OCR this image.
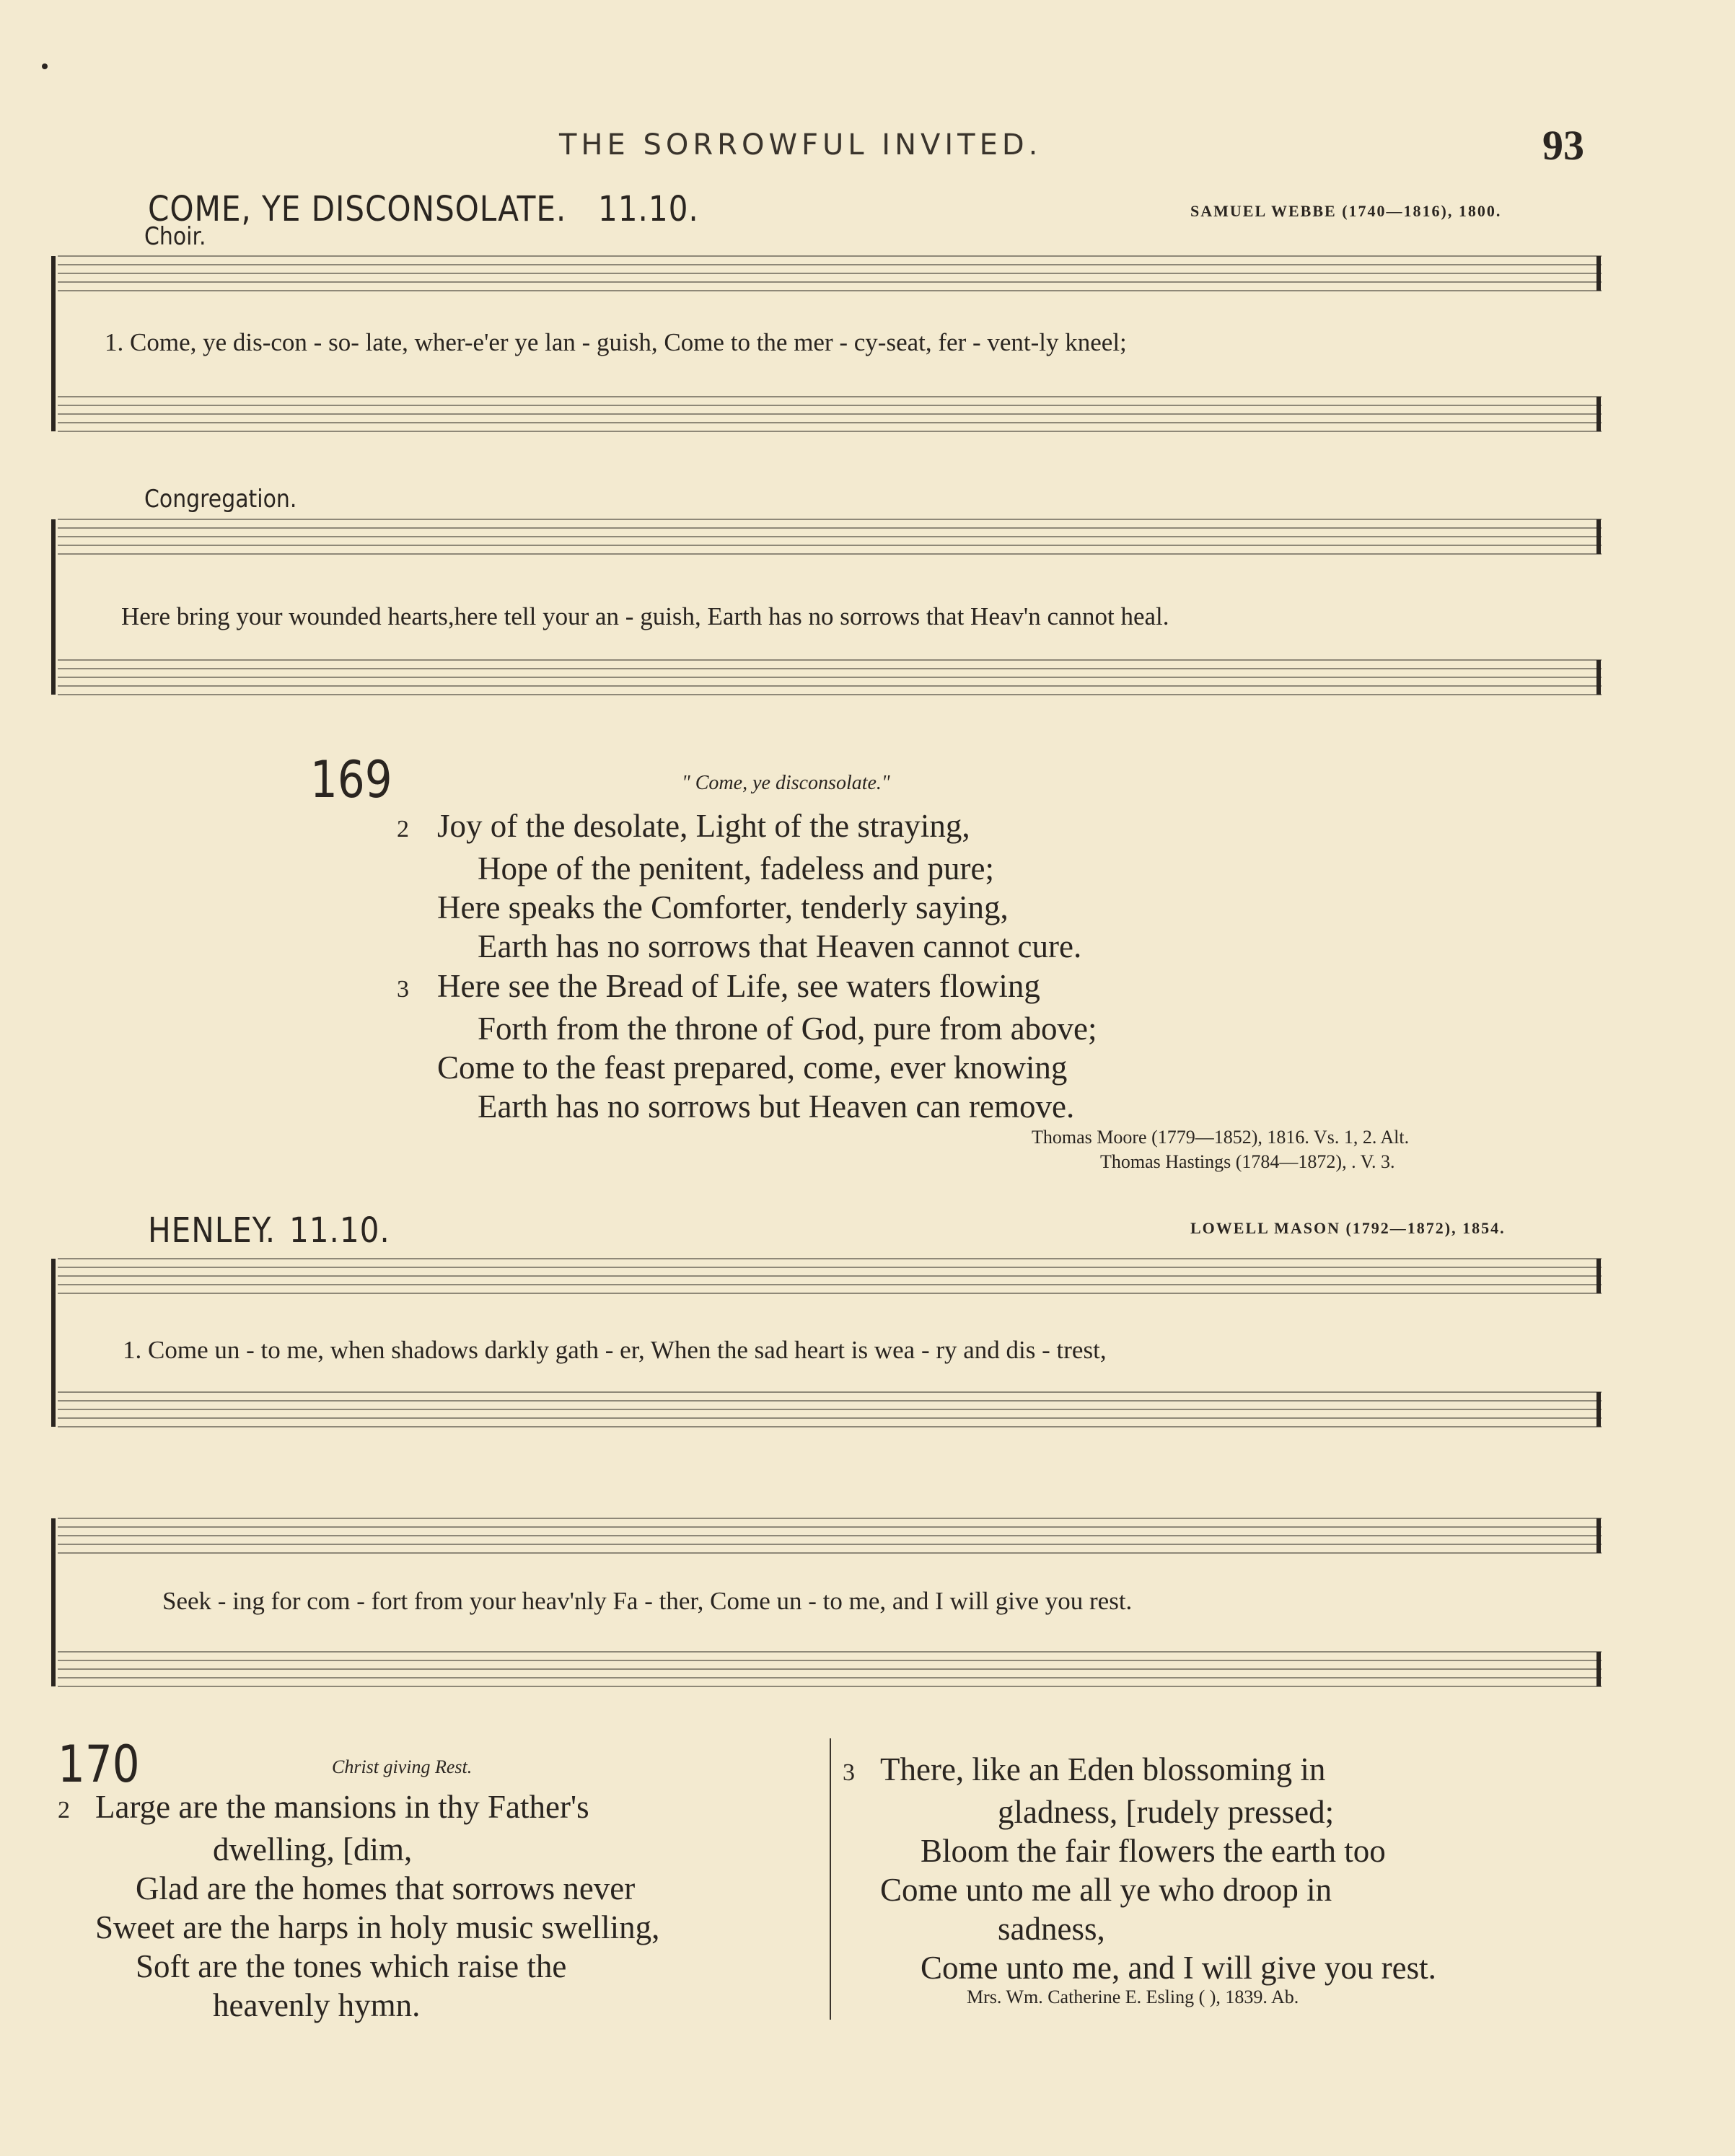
THE SORROWFUL INVITED.	93
COME, YE DISCONSOLATE. 11.10.	SAMUEL WEBBE (1740—1816), 1800.
Choir.
1. Come, ye dis-con - so- late, wher-e'er ye lan - guish, Come to the mer - cy-seat, fer - vent-ly kneel;
Congregation.
Here bring your wounded hearts,here tell your an - guish, Earth has no sorrows that Heav'n cannot heal.
169	" Come, ye disconsolate."
2 Joy of the desolate, Light of the straying,
Hope of the penitent, fadeless and pure;
Here speaks the Comforter, tenderly saying,
Earth has no sorrows that Heaven cannot cure.
3 Here see the Bread of Life, see waters flowing
Forth from the throne of God, pure from above;
Come to the feast prepared, come, ever knowing
Earth has no sorrows but Heaven can remove.
Thomas Moore (1779—1852), 1816. Vs. 1, 2. Alt.
Thomas Hastings (1784—1872), . V. 3.
HENLEY. 11.10.	LOWELL MASON (1792—1872), 1854.
1. Come un - to me, when shadows darkly gath - er, When the sad heart is wea - ry and dis - trest,
Seek - ing for com - fort from your heav'nly Fa - ther, Come un - to me, and I will give you rest.
170	Christ giving Rest.
2 Large are the mansions in thy Father's
dwelling, [dim,
Glad are the homes that sorrows never
Sweet are the harps in holy music swelling,
Soft are the tones which raise the
heavenly hymn.
3 There, like an Eden blossoming in
gladness, [rudely pressed;
Bloom the fair flowers the earth too
Come unto me all ye who droop in
sadness,
Come unto me, and I will give you rest.
Mrs. Wm. Catherine E. Esling ( ), 1839. Ab.
